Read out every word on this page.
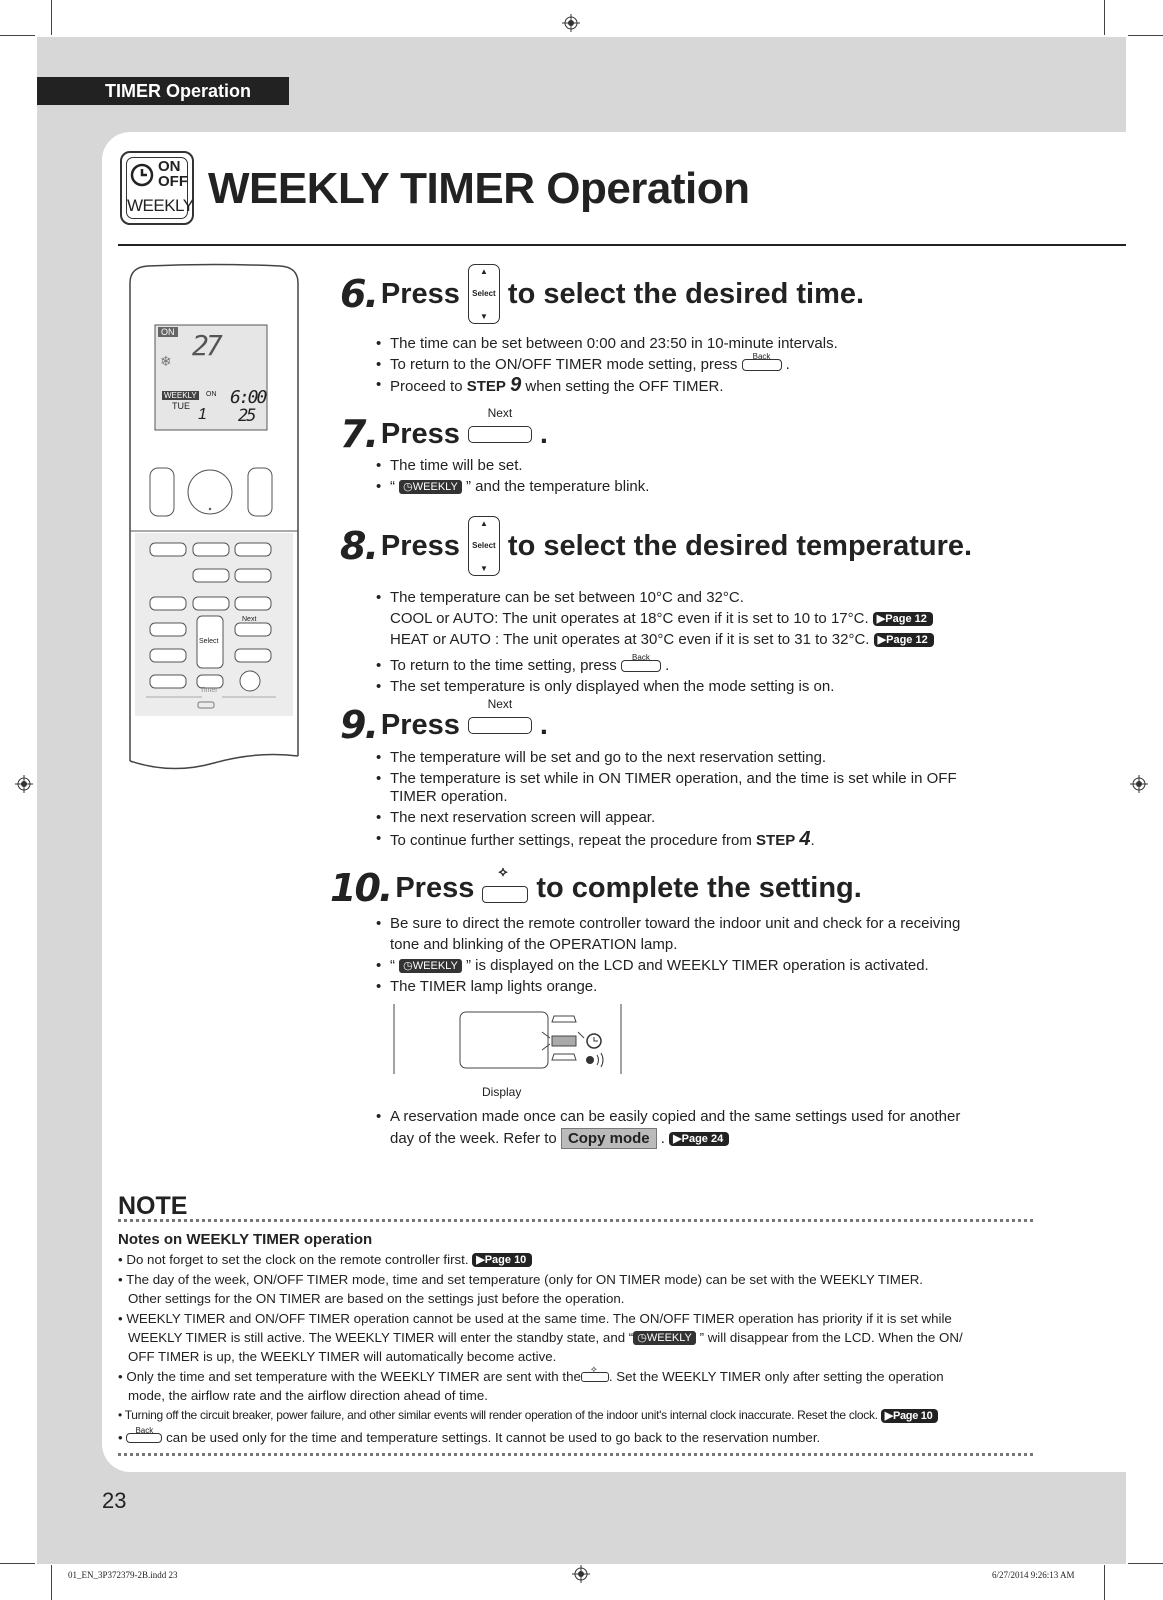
TIMER Operation
ON
OFF
WEEKLY WEEKLY TIMER Operation
ON 27
❄
WEEKLY
TUE
ON 6:00
1 25
Next
Select
Timer
6. Press
▲
Select
▼
to select the desired time.
• The time can be set between 0:00 and 23:50 in 10-minute intervals.
• To return to the ON/OFF TIMER mode setting, press	Back .
• Proceed to STEP 9 when setting the OFF TIMER.
7. Press
Next
.
• The time will be set.
• “ ◷WEEKLY ” and the temperature blink.
8. Press
▲
Select
▼
to select the desired temperature.
• The temperature can be set between 10°C and 32°C.
COOL or AUTO: The unit operates at 18°C even if it is set to 10 to 17°C. ▶Page 12
HEAT or AUTO : The unit operates at 30°C even if it is set to 31 to 32°C. ▶Page 12
• To return to the time setting, press	Back .
• The set temperature is only displayed when the mode setting is on.
9. Press
Next
.
• The temperature will be set and go to the next reservation setting.
• The temperature is set while in ON TIMER operation, and the time is set while in OFF
TIMER operation.
• The next reservation screen will appear.
• To continue further settings, repeat the procedure from STEP 4.
10. Press
⟡
to complete the setting.
• Be sure to direct the remote controller toward the indoor unit and check for a receiving
tone and blinking of the OPERATION lamp.
• “ ◷WEEKLY ” is displayed on the LCD and WEEKLY TIMER operation is activated.
• The TIMER lamp lights orange.
Display
• A reservation made once can be easily copied and the same settings used for another
day of the week. Refer to Copy mode . ▶Page 24
NOTE
Notes on WEEKLY TIMER operation
• Do not forget to set the clock on the remote controller first. ▶Page 10
• The day of the week, ON/OFF TIMER mode, time and set temperature (only for ON TIMER mode) can be set with the WEEKLY TIMER.
Other settings for the ON TIMER are based on the settings just before the operation.
• WEEKLY TIMER and ON/OFF TIMER operation cannot be used at the same time. The ON/OFF TIMER operation has priority if it is set while
WEEKLY TIMER is still active. The WEEKLY TIMER will enter the standby state, and “ ◷WEEKLY ” will disappear from the LCD. When the ON/
OFF TIMER is up, the WEEKLY TIMER will automatically become active.
• Only the time and set temperature with the WEEKLY TIMER are sent with the ⟡ . Set the WEEKLY TIMER only after setting the operation
mode, the airflow rate and the airflow direction ahead of time.
• Turning off the circuit breaker, power failure, and other similar events will render operation of the indoor unit's internal clock inaccurate. Reset the clock. ▶Page 10
•	Back can be used only for the time and temperature settings. It cannot be used to go back to the reservation number.
23
01_EN_3P372379-2B.indd 23	6/27/2014 9:26:13 AM
